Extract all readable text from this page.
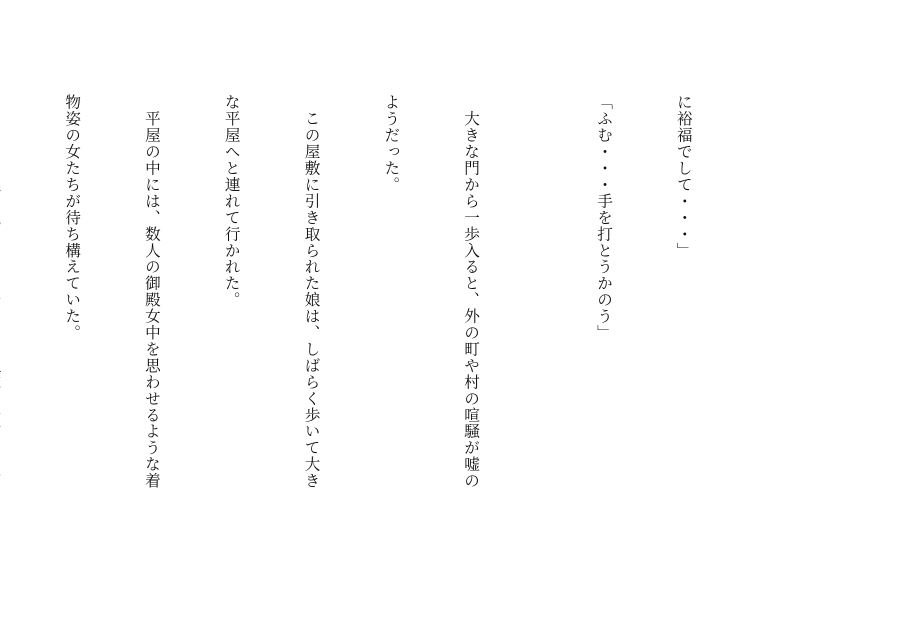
に裕福でして・・・」

「ふむ・・・手を打とうかのう」

　大きな門から一歩入ると、外の町や村の喧騒が嘘の

ようだった。

　この屋敷に引き取られた娘は、しばらく歩いて大き

な平屋へと連れて行かれた。

　平屋の中には、数人の御殿女中を思わせるような着

物姿の女たちが待ち構えていた。
